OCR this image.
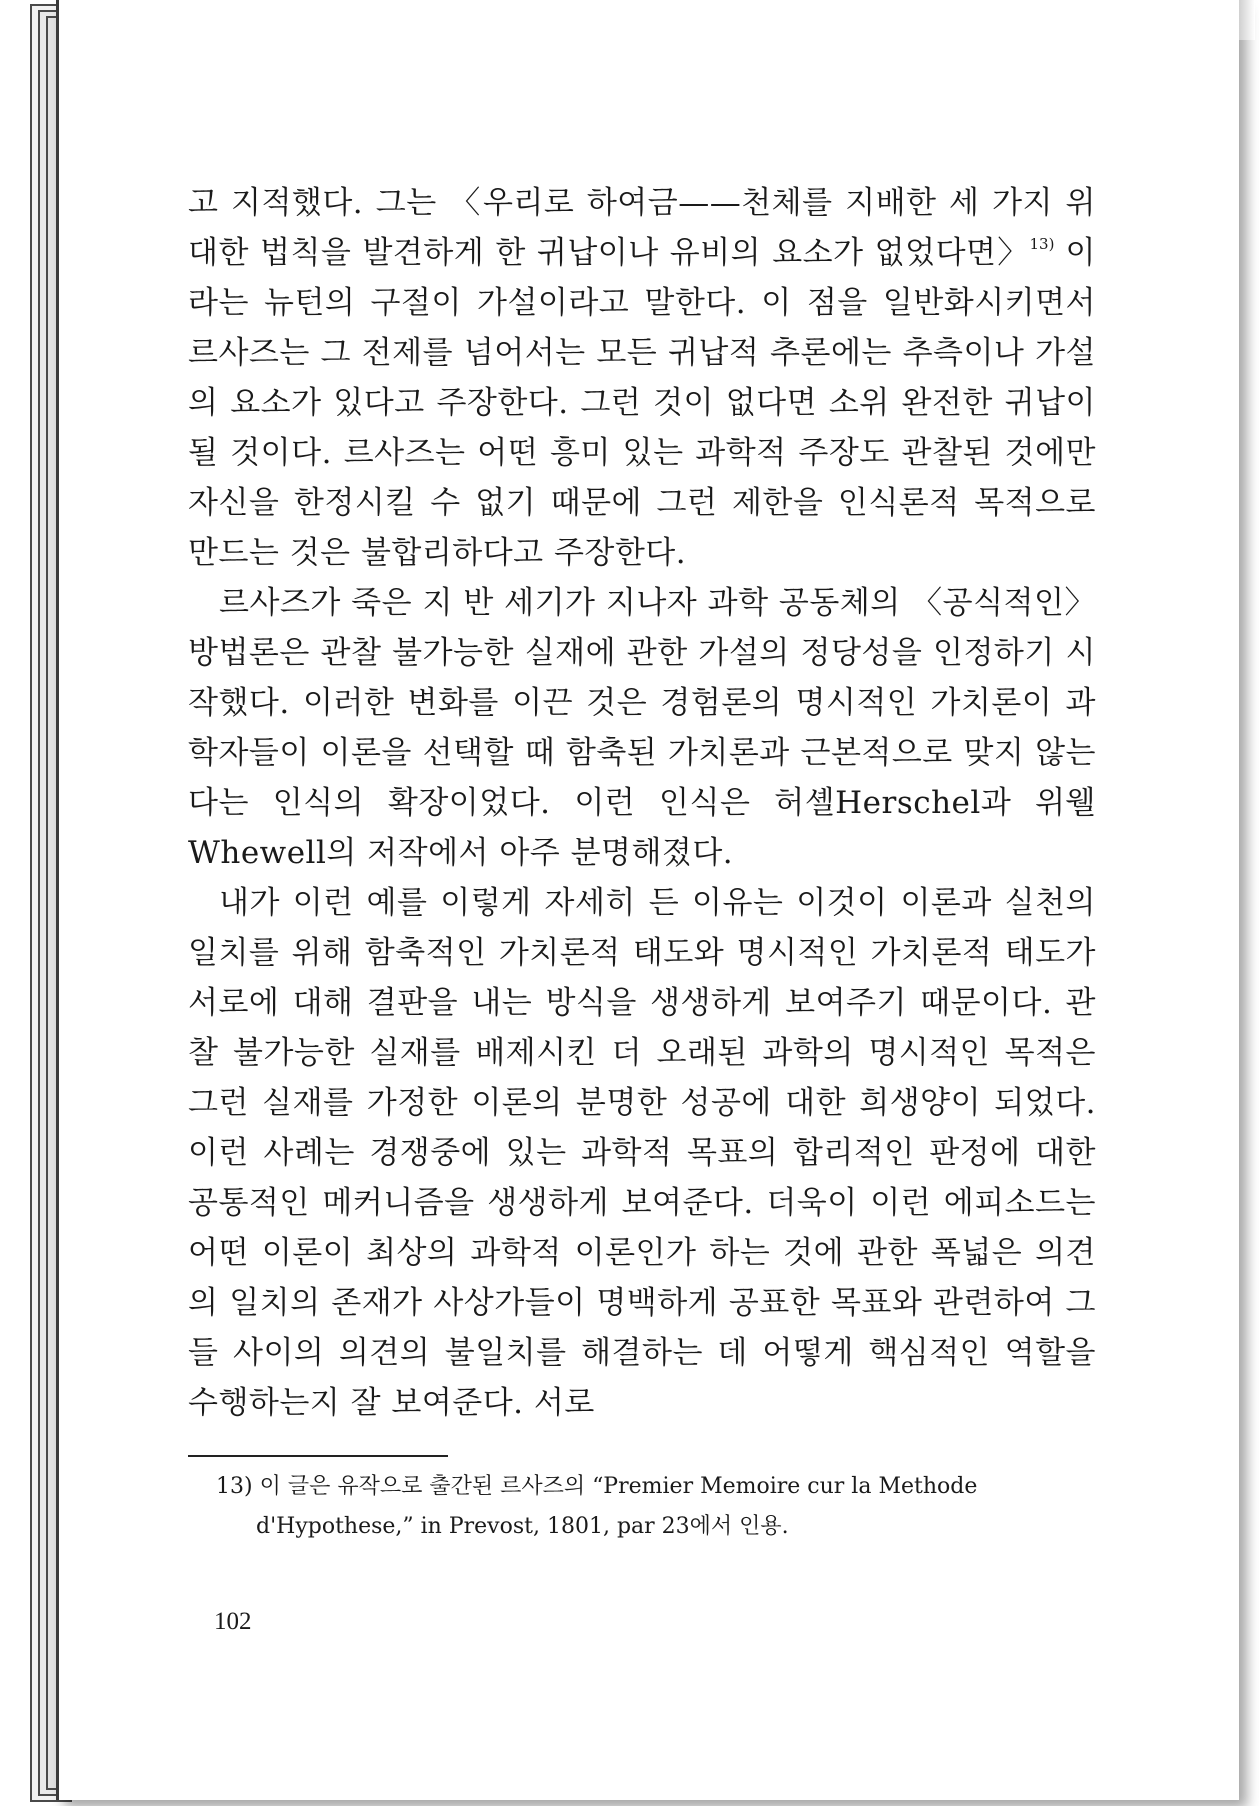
고 지적했다. 그는 〈우리로 하여금——천체를 지배한 세 가지 위대한 법칙을 발견하게 한 귀납이나 유비의 요소가 없었다면〉$^{13)}$ 이라는 뉴턴의 구절이 가설이라고 말한다. 이 점을 일반화시키면서 르사즈는 그 전제를 넘어서는 모든 귀납적 추론에는 추측이나 가설의 요소가 있다고 주장한다. 그런 것이 없다면 소위 완전한 귀납이 될 것이다. 르사즈는 어떤 흥미 있는 과학적 주장도 관찰된 것에만 자신을 한정시킬 수 없기 때문에 그런 제한을 인식론적 목적으로 만드는 것은 불합리하다고 주장한다.

르사즈가 죽은 지 반 세기가 지나자 과학 공동체의 〈공식적인〉 방법론은 관찰 불가능한 실재에 관한 가설의 정당성을 인정하기 시작했다. 이러한 변화를 이끈 것은 경험론의 명시적인 가치론이 과학자들이 이론을 선택할 때 함축된 가치론과 근본적으로 맞지 않는다는 인식의 확장이었다. 이런 인식은 허셸Herschel과 위웰Whewell의 저작에서 아주 분명해졌다.

내가 이런 예를 이렇게 자세히 든 이유는 이것이 이론과 실천의 일치를 위해 함축적인 가치론적 태도와 명시적인 가치론적 태도가 서로에 대해 결판을 내는 방식을 생생하게 보여주기 때문이다. 관찰 불가능한 실재를 배제시킨 더 오래된 과학의 명시적인 목적은 그런 실재를 가정한 이론의 분명한 성공에 대한 희생양이 되었다. 이런 사례는 경쟁중에 있는 과학적 목표의 합리적인 판정에 대한 공통적인 메커니즘을 생생하게 보여준다. 더욱이 이런 에피소드는 어떤 이론이 최상의 과학적 이론인가 하는 것에 관한 폭넓은 의견의 일치의 존재가 사상가들이 명백하게 공표한 목표와 관련하여 그들 사이의 의견의 불일치를 해결하는 데 어떻게 핵심적인 역할을 수행하는지 잘 보여준다. 서로

13) 이 글은 유작으로 출간된 르사즈의 “Premier Memoire cur la Methode
d'Hypothese,” in Prevost, 1801, par 23에서 인용.
102
